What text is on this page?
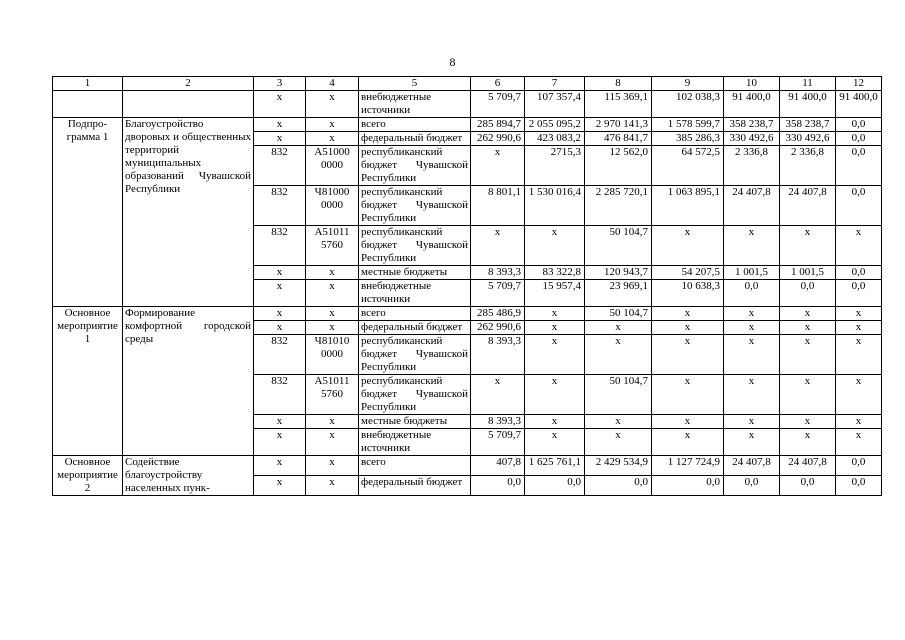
8
1	2	3	4	5	6	7	8	9	10	11	12
		х	х	внебюджетные источники	5 709,7	107 357,4	115 369,1	102 038,3	91 400,0	91 400,0	91 400,0
Подпро-грамма 1	Благоустройство дворовых и общественных территорий муниципальных образований Чувашской Республики	х	х	всего	285 894,7	2 055 095,2	2 970 141,3	1 578 599,7	358 238,7	358 238,7	0,0
		х	х	федеральный бюджет	262 990,6	423 083,2	476 841,7	385 286,3	330 492,6	330 492,6	0,0
		832	А51000 0000	республиканский бюджет Чувашской Республики	х	2715,3	12 562,0	64 572,5	2 336,8	2 336,8	0,0
		832	Ч81000 0000	республиканский бюджет Чувашской Республики	8 801,1	1 530 016,4	2 285 720,1	1 063 895,1	24 407,8	24 407,8	0,0
		832	А51011 5760	республиканский бюджет Чувашской Республики	х	х	50 104,7	х	х	х	х
		х	х	местные бюджеты	8 393,3	83 322,8	120 943,7	54 207,5	1 001,5	1 001,5	0,0
		х	х	внебюджетные источники	5 709,7	15 957,4	23 969,1	10 638,3	0,0	0,0	0,0
Основное мероприятие 1	Формирование комфортной городской среды	х	х	всего	285 486,9	х	50 104,7	х	х	х	х
		х	х	федеральный бюджет	262 990,6	х	х	х	х	х	х
		832	Ч81010 0000	республиканский бюджет Чувашской Республики	8 393,3	х	х	х	х	х	х
		832	А51011 5760	республиканский бюджет Чувашской Республики	х	х	50 104,7	х	х	х	х
		х	х	местные бюджеты	8 393,3	х	х	х	х	х	х
		х	х	внебюджетные источники	5 709,7	х	х	х	х	х	х
Основное мероприятие 2	Содействие благоустройству населенных пунк-	х	х	всего	407,8	1 625 761,1	2 429 534,9	1 127 724,9	24 407,8	24 407,8	0,0
		х	х	федеральный бюджет	0,0	0,0	0,0	0,0	0,0	0,0	0,0
